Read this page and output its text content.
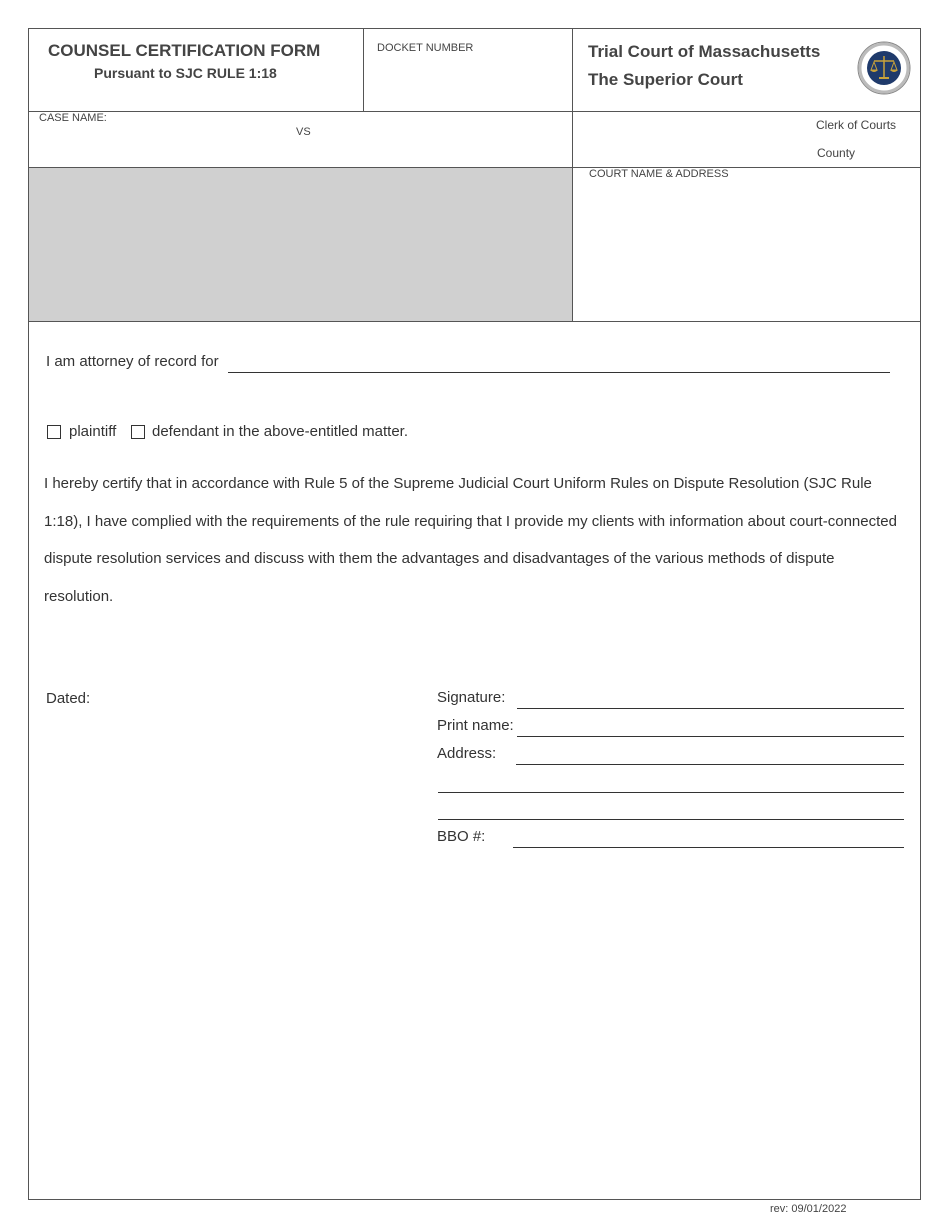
COUNSEL CERTIFICATION FORM
Pursuant to SJC RULE 1:18
DOCKET NUMBER	Trial Court of Massachusetts
The Superior Court
CASE NAME:
VS	Clerk of Courts
County
COURT NAME & ADDRESS
I am attorney of record for
plaintiff defendant in the above-entitled matter.
I hereby certify that in accordance with Rule 5 of the Supreme Judicial Court Uniform Rules on Dispute Resolution (SJC Rule 1:18), I have complied with the requirements of the rule requiring that I provide my clients with information about court-connected dispute resolution services and discuss with them the advantages and disadvantages of the various methods of dispute resolution.
Dated:	Signature:
Print name:
Address:
BBO #:
rev: 09/01/2022
